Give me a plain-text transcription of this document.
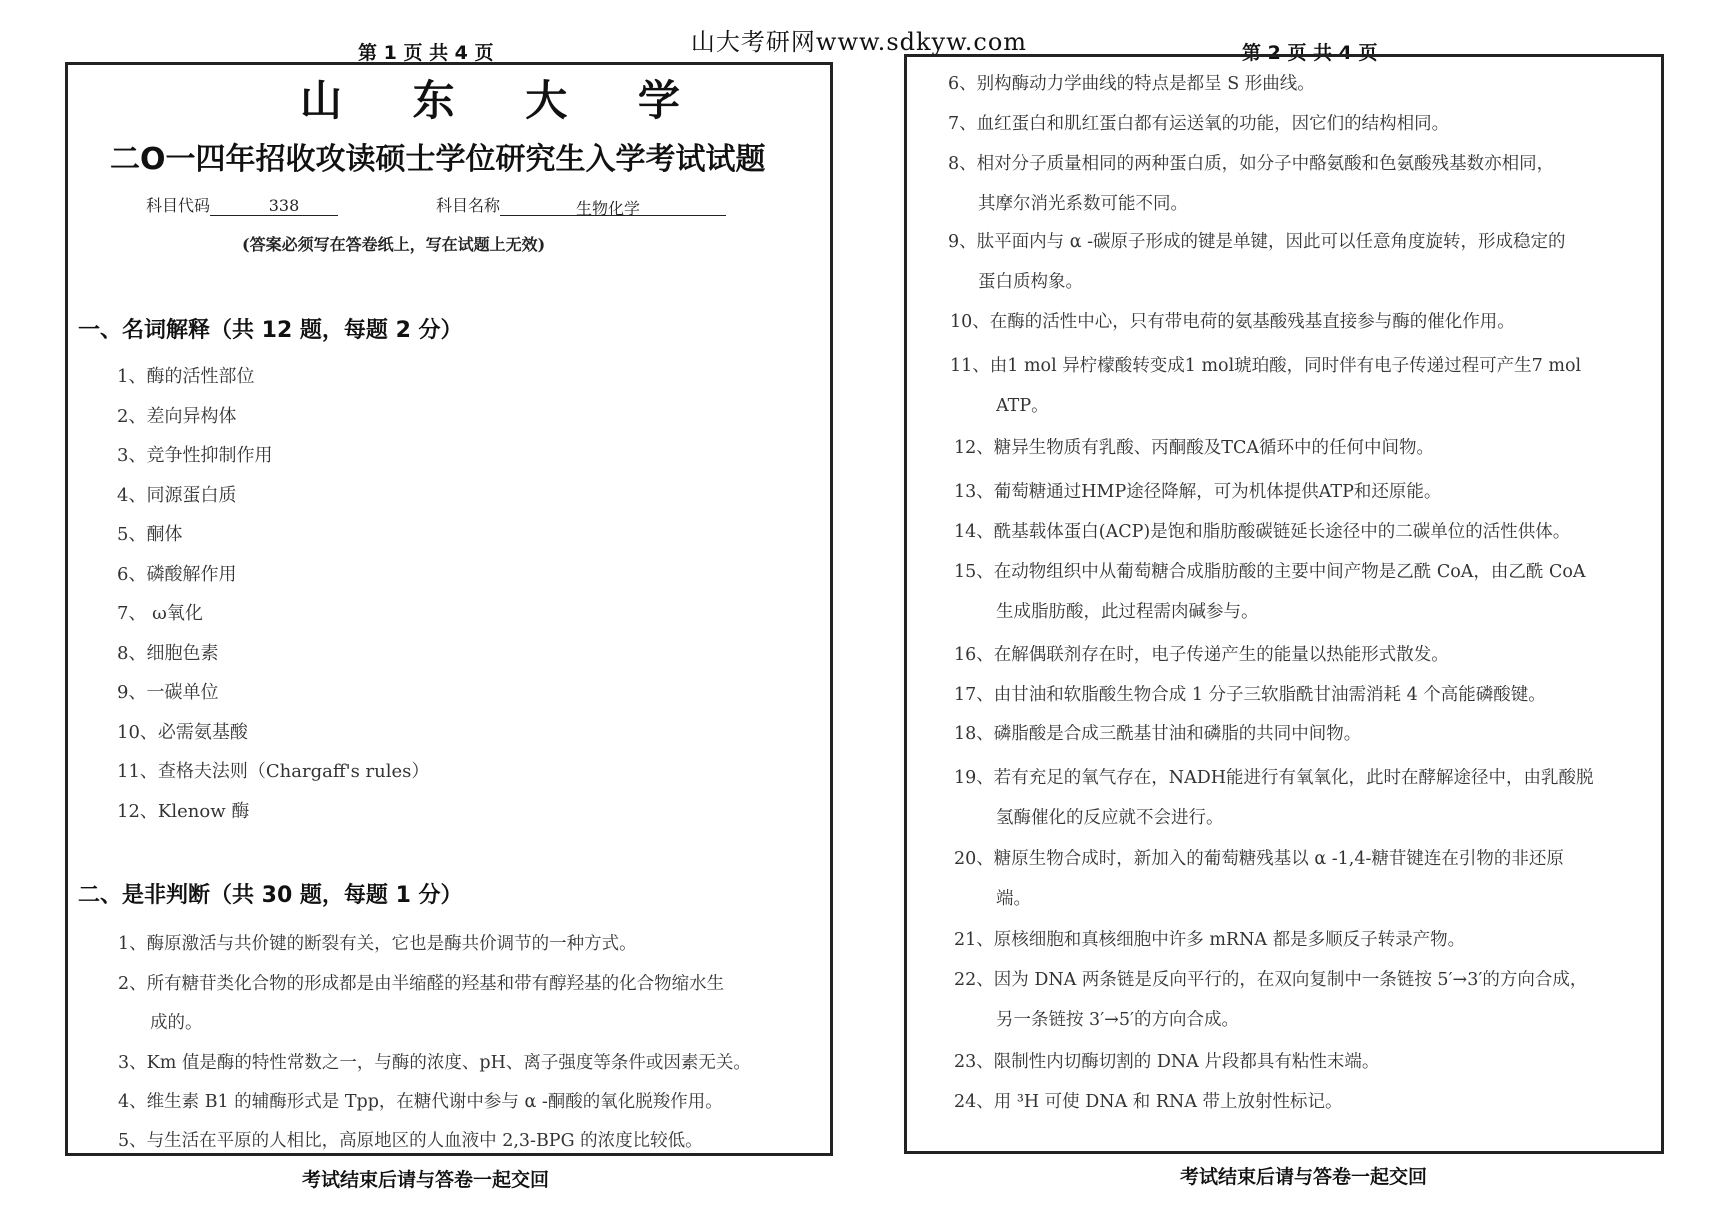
山大考研网www.sdkyw.com
第 1 页 共 4 页
山 东 大 学
二O一四年招收攻读硕士学位研究生入学考试试题
科目代码	338	科目名称	生物化学
(答案必须写在答卷纸上，写在试题上无效)
一、名词解释（共 12 题，每题 2 分）
1、酶的活性部位
2、差向异构体
3、竞争性抑制作用
4、同源蛋白质
5、酮体
6、磷酸解作用
7、 ω氧化
8、细胞色素
9、一碳单位
10、必需氨基酸
11、查格夫法则（Chargaff's rules）
12、Klenow 酶
二、是非判断（共 30 题，每题 1 分）
1、酶原激活与共价键的断裂有关，它也是酶共价调节的一种方式。
2、所有糖苷类化合物的形成都是由半缩醛的羟基和带有醇羟基的化合物缩水生
成的。
3、Km 值是酶的特性常数之一，与酶的浓度、pH、离子强度等条件或因素无关。
4、维生素 B1 的辅酶形式是 Tpp，在糖代谢中参与 α -酮酸的氧化脱羧作用。
5、与生活在平原的人相比，高原地区的人血液中 2,3-BPG 的浓度比较低。
考试结束后请与答卷一起交回
第 2 页 共 4 页
6、别构酶动力学曲线的特点是都呈 S 形曲线。
7、血红蛋白和肌红蛋白都有运送氧的功能，因它们的结构相同。
8、相对分子质量相同的两种蛋白质，如分子中酪氨酸和色氨酸残基数亦相同，
其摩尔消光系数可能不同。
9、肽平面内与 α -碳原子形成的键是单键，因此可以任意角度旋转，形成稳定的
蛋白质构象。
10、在酶的活性中心，只有带电荷的氨基酸残基直接参与酶的催化作用。
11、由1 mol 异柠檬酸转变成1 mol琥珀酸，同时伴有电子传递过程可产生7 mol
ATP。
12、糖异生物质有乳酸、丙酮酸及TCA循环中的任何中间物。
13、葡萄糖通过HMP途径降解，可为机体提供ATP和还原能。
14、酰基载体蛋白(ACP)是饱和脂肪酸碳链延长途径中的二碳单位的活性供体。
15、在动物组织中从葡萄糖合成脂肪酸的主要中间产物是乙酰 CoA，由乙酰 CoA
生成脂肪酸，此过程需肉碱参与。
16、在解偶联剂存在时，电子传递产生的能量以热能形式散发。
17、由甘油和软脂酸生物合成 1 分子三软脂酰甘油需消耗 4 个高能磷酸键。
18、磷脂酸是合成三酰基甘油和磷脂的共同中间物。
19、若有充足的氧气存在，NADH能进行有氧氧化，此时在酵解途径中，由乳酸脱
氢酶催化的反应就不会进行。
20、糖原生物合成时，新加入的葡萄糖残基以 α -1,4-糖苷键连在引物的非还原
端。
21、原核细胞和真核细胞中许多 mRNA 都是多顺反子转录产物。
22、因为 DNA 两条链是反向平行的，在双向复制中一条链按 5′→3′的方向合成，
另一条链按 3′→5′的方向合成。
23、限制性内切酶切割的 DNA 片段都具有粘性末端。
24、用 ³H 可使 DNA 和 RNA 带上放射性标记。
考试结束后请与答卷一起交回
